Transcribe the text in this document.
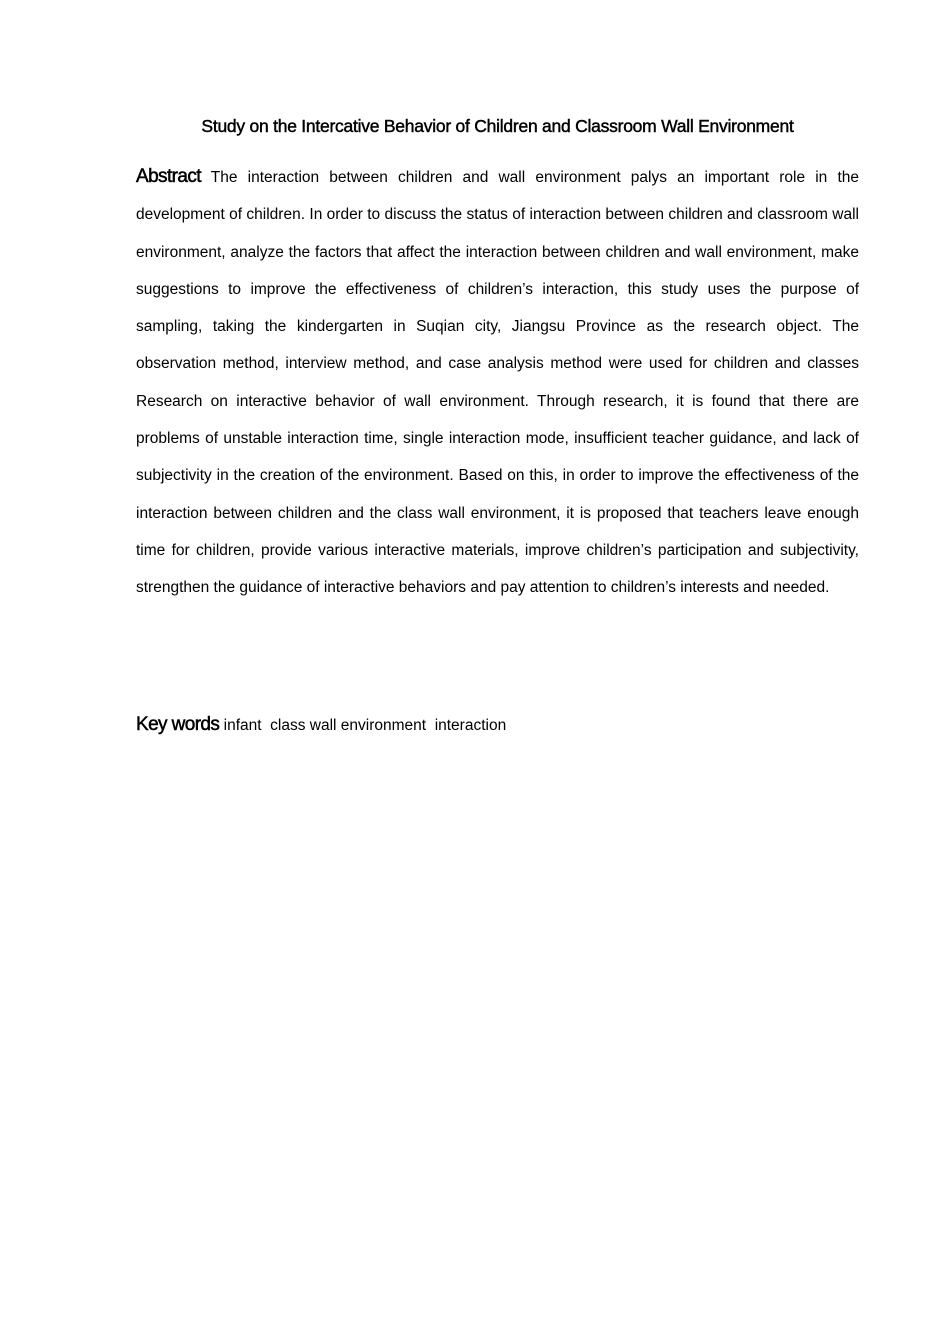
Study on the Intercative Behavior of Children and Classroom Wall Environment

Abstract The interaction between children and wall environment palys an important role in the development of children. In order to discuss the status of interaction between children and classroom wall environment, analyze the factors that affect the interaction between children and wall environment, make suggestions to improve the effectiveness of children’s interaction, this study uses the purpose of sampling, taking the kindergarten in Suqian city, Jiangsu Province as the research object. The observation method, interview method, and case analysis method were used for children and classes Research on interactive behavior of wall environment. Through research, it is found that there are problems of unstable interaction time, single interaction mode, insufficient teacher guidance, and lack of subjectivity in the creation of the environment. Based on this, in order to improve the effectiveness of the interaction between children and the class wall environment, it is proposed that teachers leave enough time for children, provide various interactive materials, improve children’s participation and subjectivity, strengthen the guidance of interactive behaviors and pay attention to children’s interests and needed.

Key words infant  class wall environment  interaction
